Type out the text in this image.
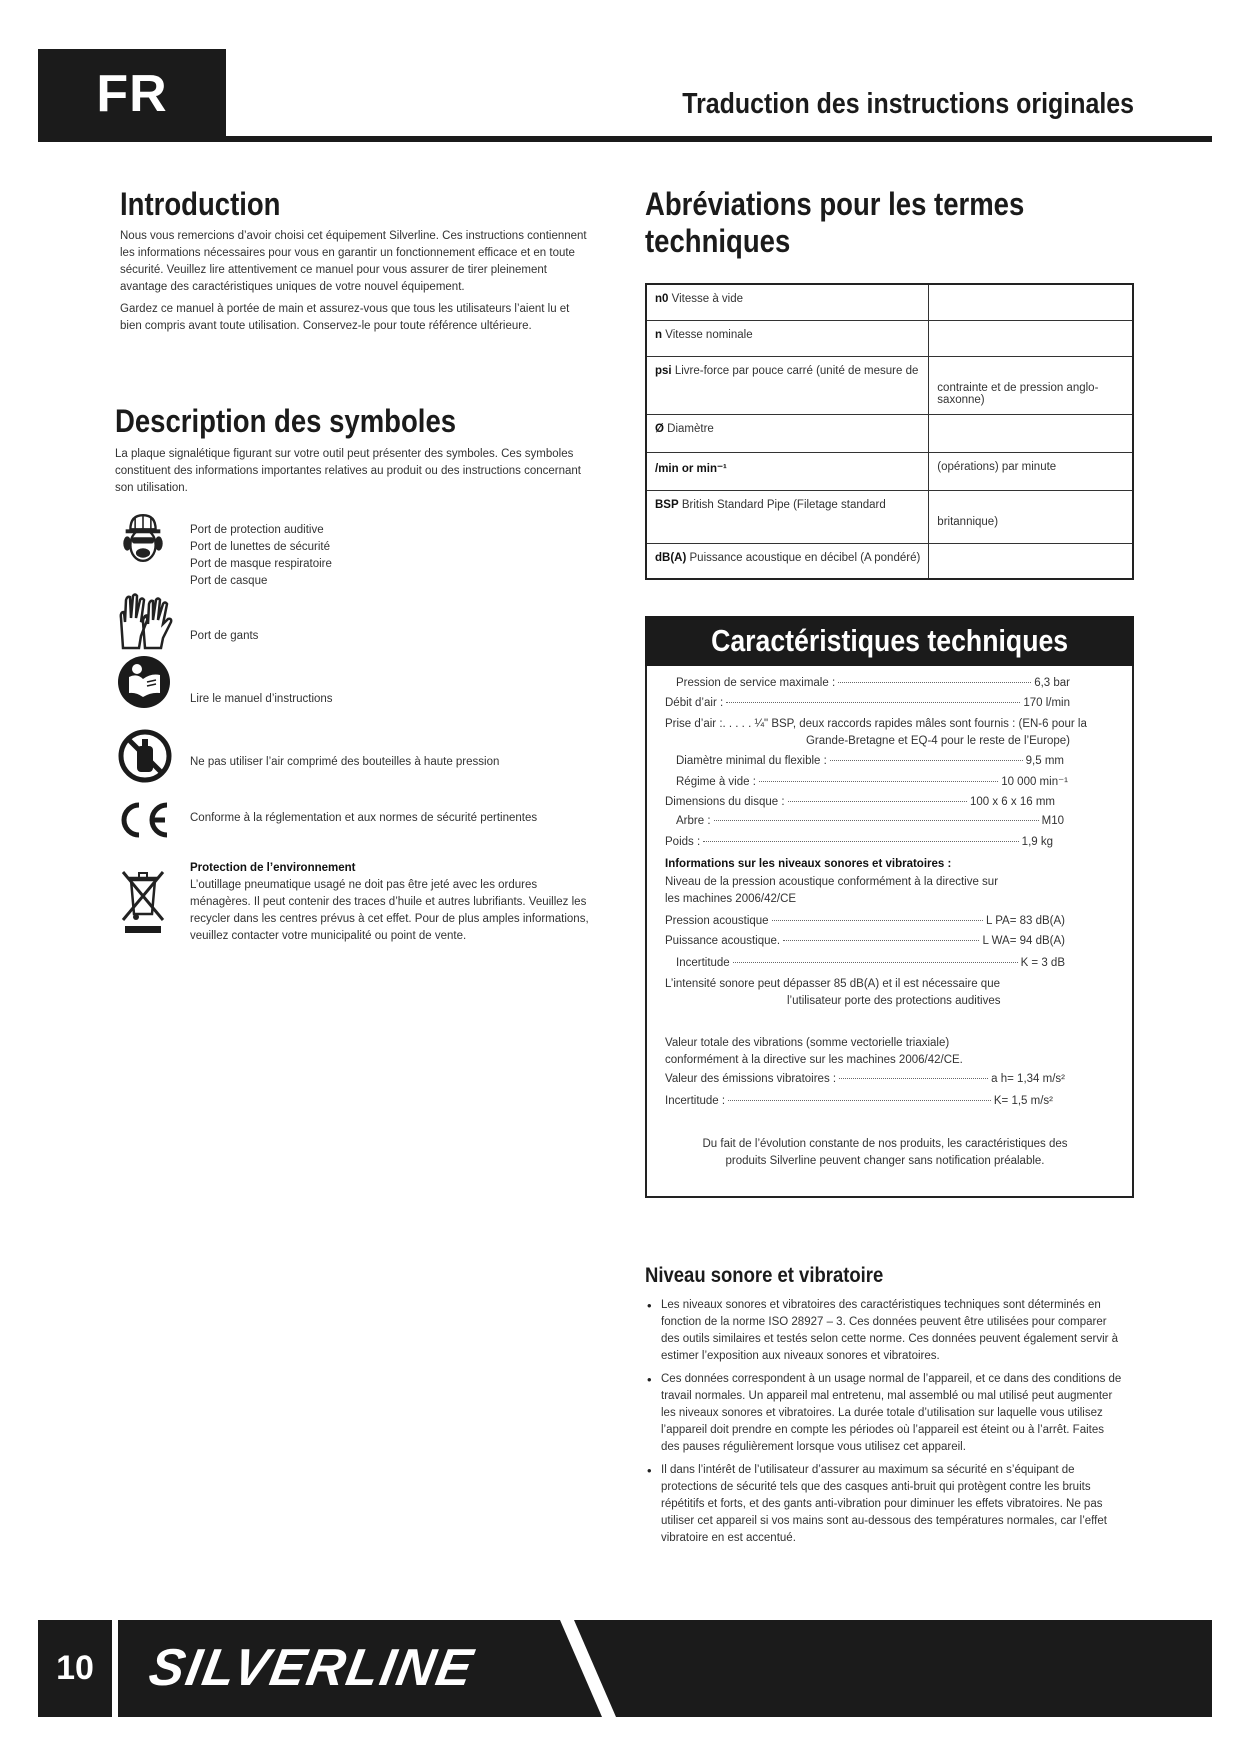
FR	Traduction des instructions originales
Introduction
Nous vous remercions d’avoir choisi cet équipement Silverline. Ces instructions contiennent les informations nécessaires pour vous en garantir un fonctionnement efficace et en toute sécurité. Veuillez lire attentivement ce manuel pour vous assurer de tirer pleinement avantage des caractéristiques uniques de votre nouvel équipement.
Gardez ce manuel à portée de main et assurez-vous que tous les utilisateurs l’aient lu et bien compris avant toute utilisation. Conservez-le pour toute référence ultérieure.
Description des symboles
La plaque signalétique figurant sur votre outil peut présenter des symboles. Ces symboles constituent des informations importantes relatives au produit ou des instructions concernant son utilisation.
Port de protection auditive
Port de lunettes de sécurité
Port de masque respiratoire
Port de casque
Port de gants
Lire le manuel d’instructions
Ne pas utiliser l’air comprimé des bouteilles à haute pression
Conforme à la réglementation et aux normes de sécurité pertinentes
Protection de l’environnement
L’outillage pneumatique usagé ne doit pas être jeté avec les ordures ménagères. Il peut contenir des traces d’huile et autres lubrifiants. Veuillez les recycler dans les centres prévus à cet effet. Pour de plus amples informations, veuillez contacter votre municipalité ou point de vente.
Abréviations pour les termes
techniques
n0 Vitesse à vide	
n Vitesse nominale	
psi Livre-force par pouce carré (unité de mesure de	contrainte et de pression anglo-saxonne)
Ø Diamètre	
/min or min⁻¹	(opérations) par minute
BSP British Standard Pipe (Filetage standard	britannique)
dB(A) Puissance acoustique en décibel (A pondéré)	
Caractéristiques techniques
Pression de service maximale :	6,3 bar
Débit d’air :	170 l/min
Prise d’air :. . . . . ¼" BSP, deux raccords rapides mâles sont fournis : (EN-6 pour la
Grande-Bretagne et EQ-4 pour le reste de l’Europe)
Diamètre minimal du flexible :	9,5 mm
Régime à vide :	10 000 min⁻¹
Dimensions du disque :	100 x 6 x 16 mm
Arbre :	M10
Poids :	1,9 kg
Informations sur les niveaux sonores et vibratoires :
Niveau de la pression acoustique conformément à la directive sur les machines 2006/42/CE
Pression acoustique	L PA= 83 dB(A)
Puissance acoustique.	L WA= 94 dB(A)
Incertitude	K = 3 dB
L’intensité sonore peut dépasser 85 dB(A) et il est nécessaire que
l’utilisateur porte des protections auditives
Valeur totale des vibrations (somme vectorielle triaxiale)
conformément à la directive sur les machines 2006/42/CE.
Valeur des émissions vibratoires :	a h= 1,34 m/s²
Incertitude :	K= 1,5 m/s²
Du fait de l’évolution constante de nos produits, les caractéristiques des produits Silverline peuvent changer sans notification préalable.
Niveau sonore et vibratoire
• Les niveaux sonores et vibratoires des caractéristiques techniques sont déterminés en fonction de la norme ISO 28927 – 3. Ces données peuvent être utilisées pour comparer des outils similaires et testés selon cette norme. Ces données peuvent également servir à estimer l’exposition aux niveaux sonores et vibratoires.
• Ces données correspondent à un usage normal de l’appareil, et ce dans des conditions de travail normales. Un appareil mal entretenu, mal assemblé ou mal utilisé peut augmenter les niveaux sonores et vibratoires. La durée totale d’utilisation sur laquelle vous utilisez l’appareil doit prendre en compte les périodes où l’appareil est éteint ou à l’arrêt. Faites des pauses régulièrement lorsque vous utilisez cet appareil.
• Il dans l’intérêt de l’utilisateur d’assurer au maximum sa sécurité en s’équipant de protections de sécurité tels que des casques anti-bruit qui protègent contre les bruits répétitifs et forts, et des gants anti-vibration pour diminuer les effets vibratoires. Ne pas utiliser cet appareil si vos mains sont au-dessous des températures normales, car l’effet vibratoire en est accentué.
10 SILVERLINE
